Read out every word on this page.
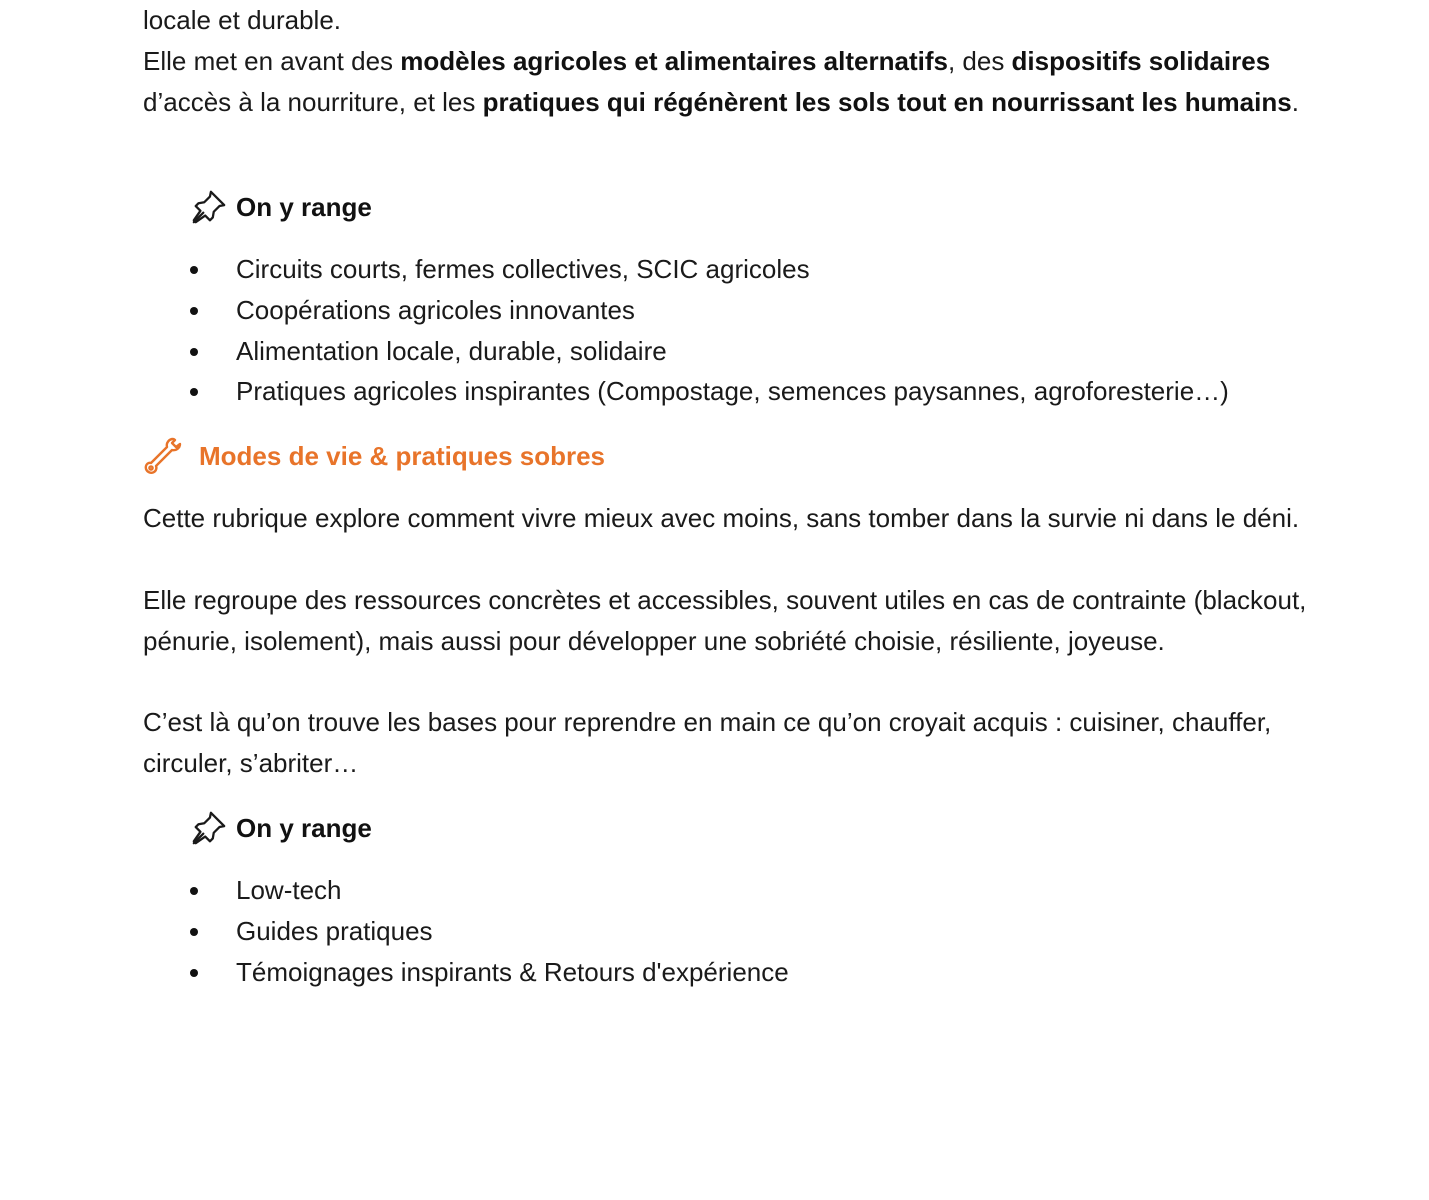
locale et durable.
Elle met en avant des modèles agricoles et alimentaires alternatifs, des dispositifs solidaires d’accès à la nourriture, et les pratiques qui régénèrent les sols tout en nourrissant les humains.

On y range
Circuits courts, fermes collectives, SCIC agricoles
Coopérations agricoles innovantes
Alimentation locale, durable, solidaire
Pratiques agricoles inspirantes (Compostage, semences paysannes, agroforesterie…)
Modes de vie & pratiques sobres

Cette rubrique explore comment vivre mieux avec moins, sans tomber dans la survie ni dans le déni.

Elle regroupe des ressources concrètes et accessibles, souvent utiles en cas de contrainte (blackout, pénurie, isolement), mais aussi pour développer une sobriété choisie, résiliente, joyeuse.

C’est là qu’on trouve les bases pour reprendre en main ce qu’on croyait acquis : cuisiner, chauffer, circuler, s’abriter…

On y range
Low-tech
Guides pratiques
Témoignages inspirants & Retours d'expérience
